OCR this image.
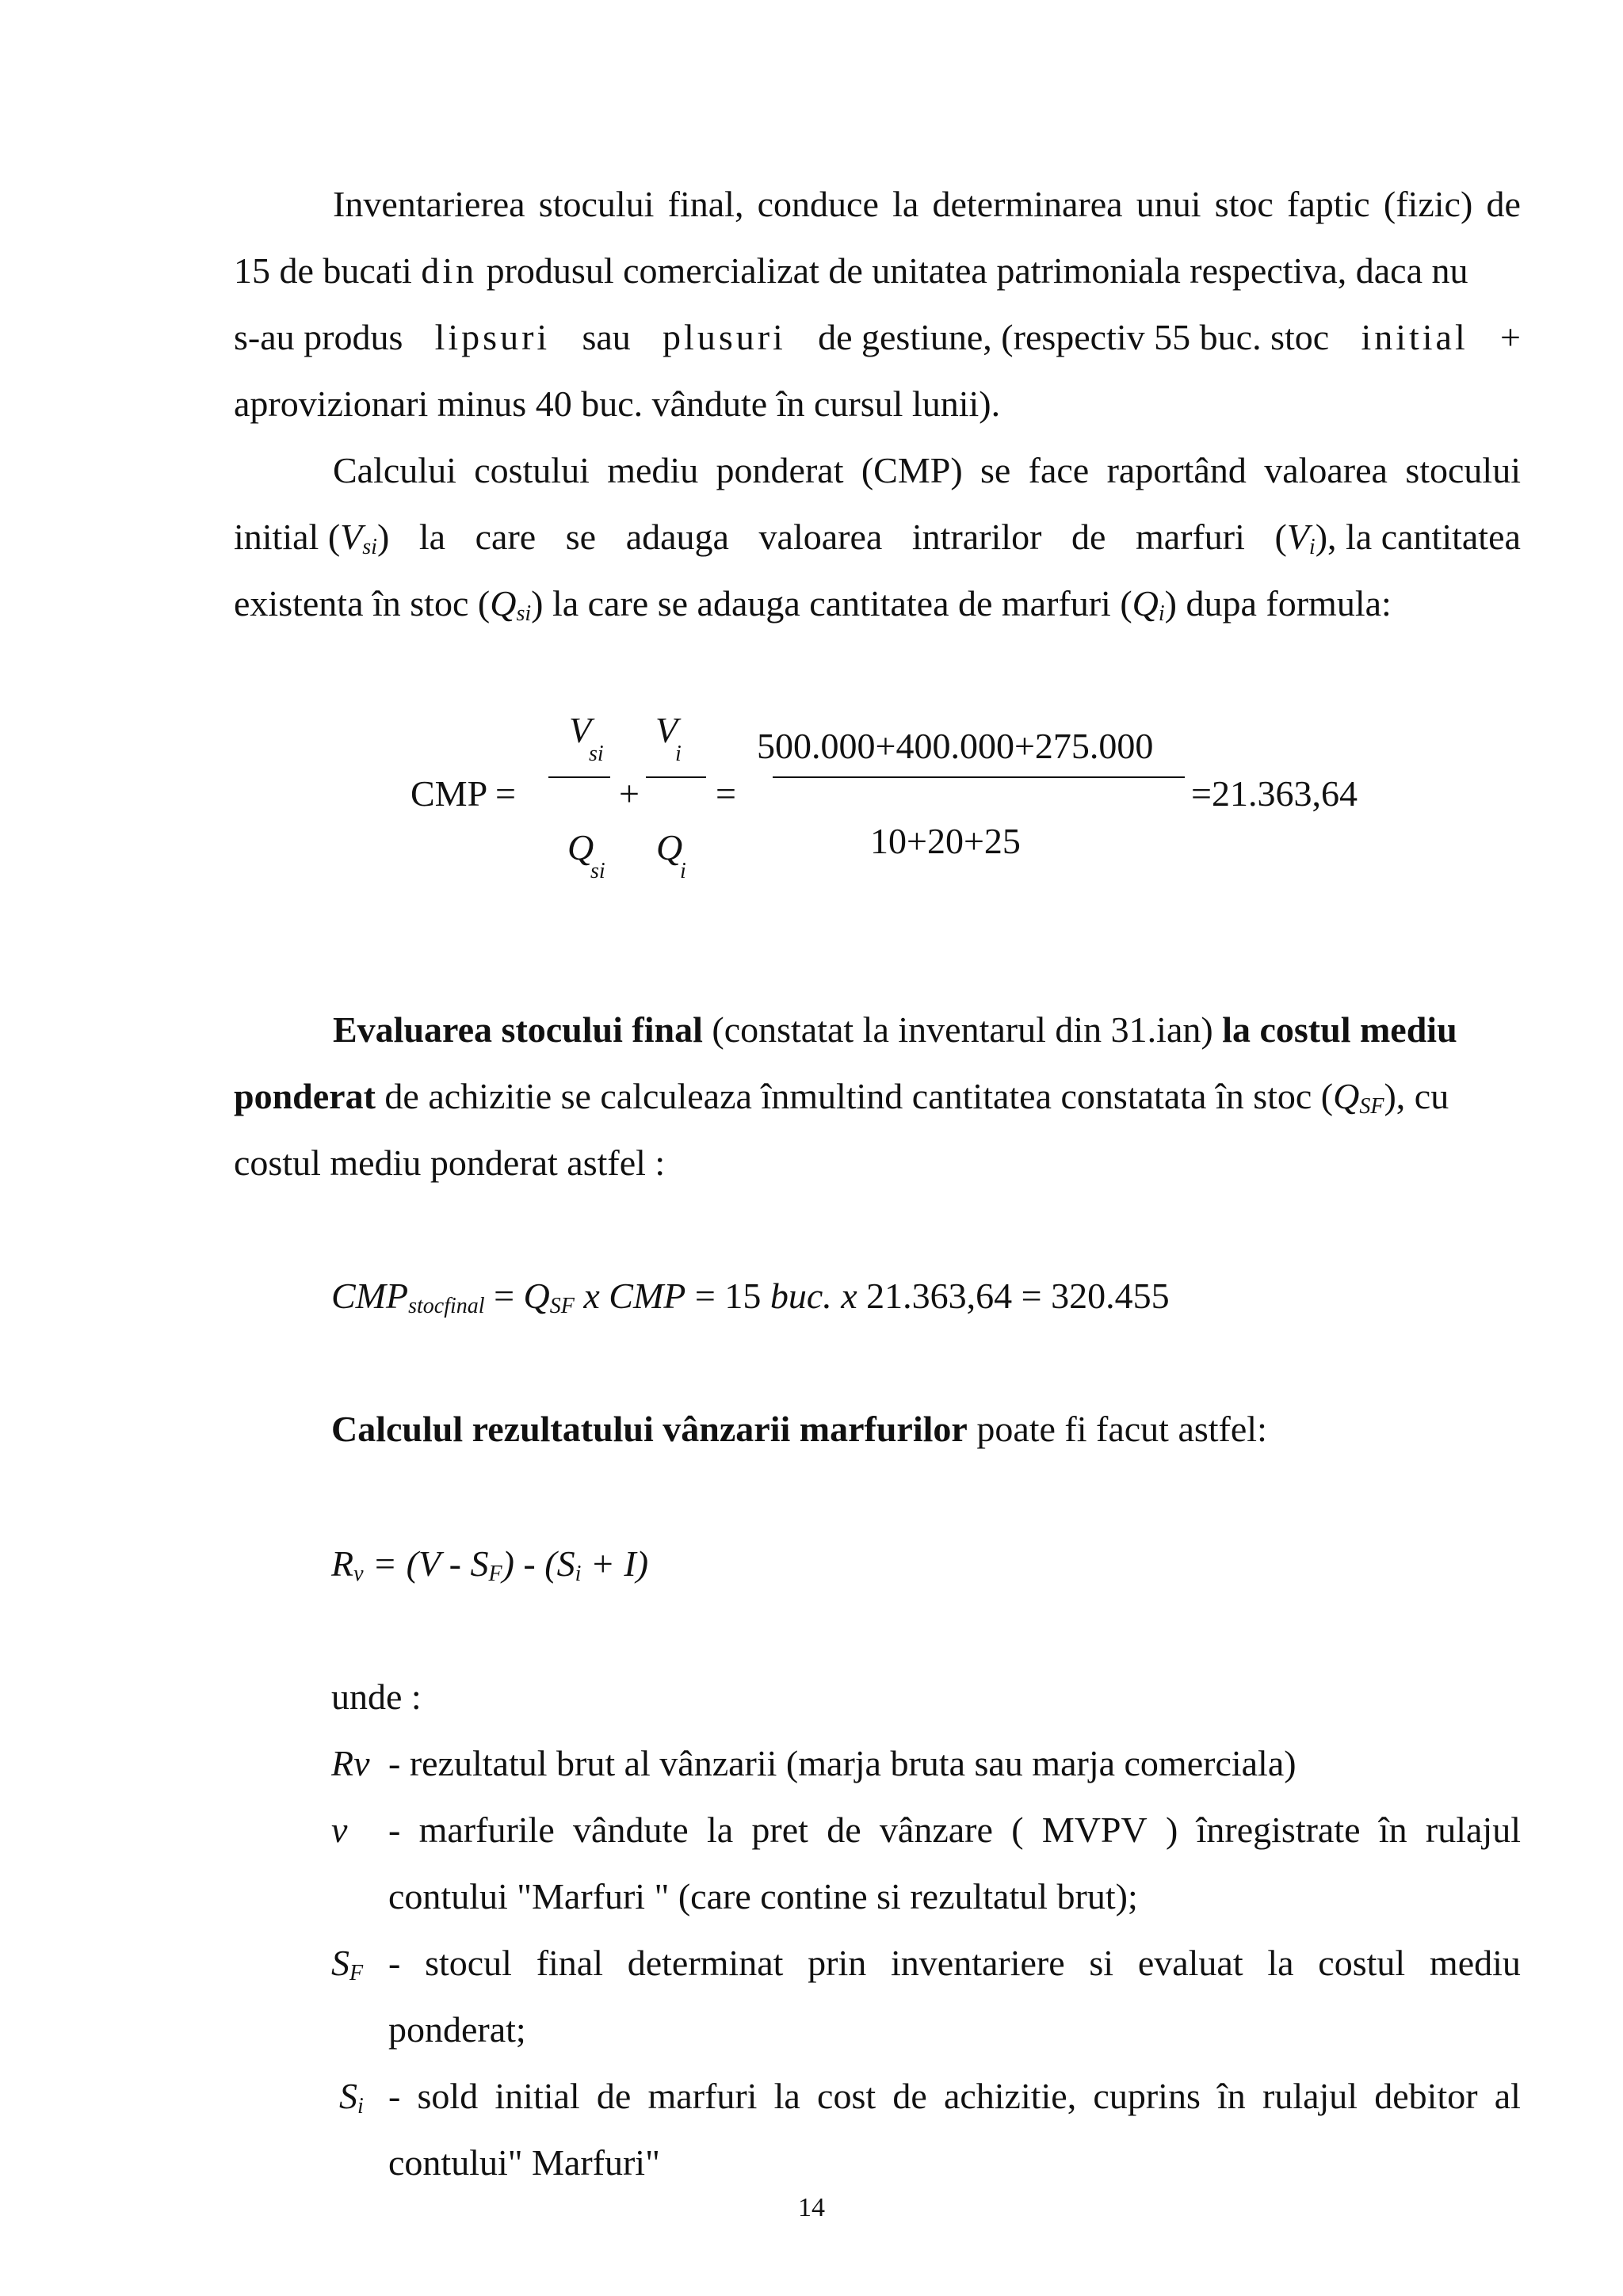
Inventarierea stocului final, conduce la determinarea unui stoc faptic (fizic) de
15 de bucati din produsul comercializat de unitatea patrimoniala respectiva, daca nu
s-au produs lipsuri sau plusuri de gestiune, (respectiv 55 buc. stoc initial +
aprovizionari minus 40 buc. vândute în cursul lunii).
Calcului costului mediu ponderat (CMP) se face raportând valoarea stocului
initial $(V_{si})$ la care se adauga valoarea intrarilor de marfuri $(V_i)$, la cantitatea
existenta în stoc $(Q_{si})$ la care se adauga cantitatea de marfuri $(Q_i)$ dupa formula:
CMP =
V
si
Q
si
+
V
i
Q
i
=
500.000+400.000+275.000
10+20+25
=21.363,64
Evaluarea stocului final (constatat la inventarul din 31.ian) la costul mediu
ponderat de achizitie se calculeaza înmultind cantitatea constatata în stoc $(Q_{SF})$, cu
costul mediu ponderat astfel :
$CMP_{stocfinal} = Q_{SF}$ x CMP = 15 buc. x 21.363,64 = 320.455
Calculul rezultatului vânzarii marfurilor poate fi facut astfel:
$R_v = (V - S_F) - (S_i + I)$
unde :
Rv - rezultatul brut al vânzarii (marja bruta sau marja comerciala)
v	- marfurile vândute la pret de vânzare ( MVPV ) înregistrate în rulajul
contului "Marfuri " (care contine si rezultatul brut);
$S_F$ - stocul final determinat prin inventariere si evaluat la costul mediu
ponderat;
$S_i$ - sold initial de marfuri la cost de achizitie, cuprins în rulajul debitor al
contului" Marfuri"
14
